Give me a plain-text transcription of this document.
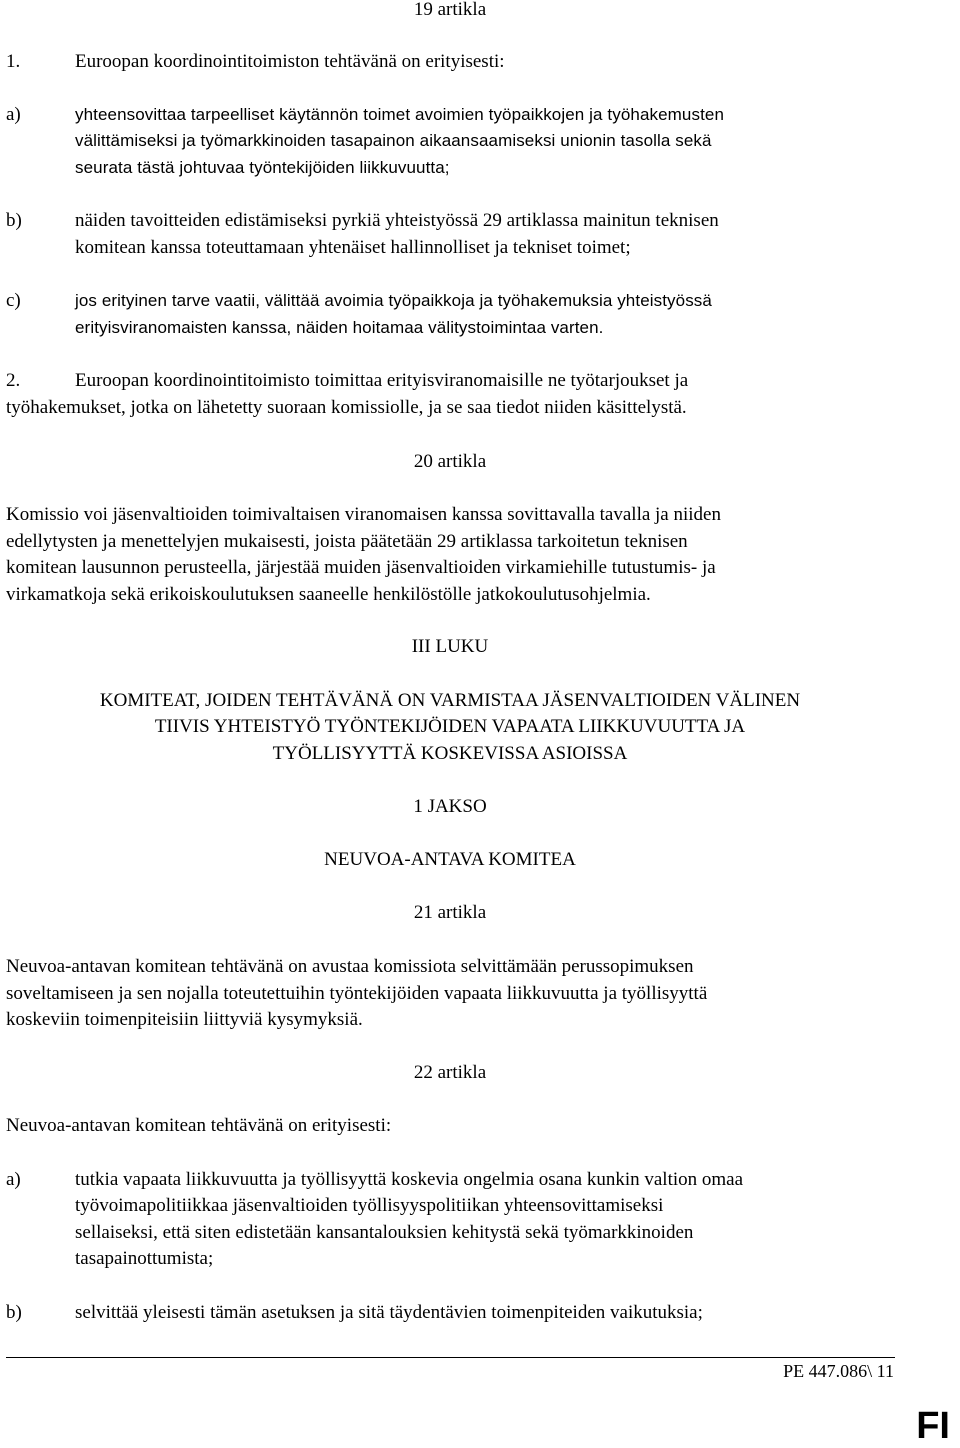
19 artikla
1.	Euroopan koordinointitoimiston tehtävänä on erityisesti:
a)	yhteensovittaa tarpeelliset käytännön toimet avoimien työpaikkojen ja työhakemusten
välittämiseksi ja työmarkkinoiden tasapainon aikaansaamiseksi unionin tasolla sekä
seurata tästä johtuvaa työntekijöiden liikkuvuutta;
b)	näiden tavoitteiden edistämiseksi pyrkiä yhteistyössä 29 artiklassa mainitun teknisen
komitean kanssa toteuttamaan yhtenäiset hallinnolliset ja tekniset toimet;
c)	jos erityinen tarve vaatii, välittää avoimia työpaikkoja ja työhakemuksia yhteistyössä
erityisviranomaisten kanssa, näiden hoitamaa välitystoimintaa varten.
2.	Euroopan koordinointitoimisto toimittaa erityisviranomaisille ne työtarjoukset ja
työhakemukset, jotka on lähetetty suoraan komissiolle, ja se saa tiedot niiden käsittelystä.
20 artikla
Komissio voi jäsenvaltioiden toimivaltaisen viranomaisen kanssa sovittavalla tavalla ja niiden
edellytysten ja menettelyjen mukaisesti, joista päätetään 29 artiklassa tarkoitetun teknisen
komitean lausunnon perusteella, järjestää muiden jäsenvaltioiden virkamiehille tutustumis- ja
virkamatkoja sekä erikoiskoulutuksen saaneelle henkilöstölle jatkokoulutusohjelmia.
III LUKU
KOMITEAT, JOIDEN TEHTÄVÄNÄ ON VARMISTAA JÄSENVALTIOIDEN VÄLINEN
TIIVIS YHTEISTYÖ TYÖNTEKIJÖIDEN VAPAATA LIIKKUVUUTTA JA
TYÖLLISYYTTÄ KOSKEVISSA ASIOISSA
1 JAKSO
NEUVOA-ANTAVA KOMITEA
21 artikla
Neuvoa-antavan komitean tehtävänä on avustaa komissiota selvittämään perussopimuksen
soveltamiseen ja sen nojalla toteutettuihin työntekijöiden vapaata liikkuvuutta ja työllisyyttä
koskeviin toimenpiteisiin liittyviä kysymyksiä.
22 artikla
Neuvoa-antavan komitean tehtävänä on erityisesti:
a)	tutkia vapaata liikkuvuutta ja työllisyyttä koskevia ongelmia osana kunkin valtion omaa
työvoimapolitiikkaa jäsenvaltioiden työllisyyspolitiikan yhteensovittamiseksi
sellaiseksi, että siten edistetään kansantalouksien kehitystä sekä työmarkkinoiden
tasapainottumista;
b)	selvittää yleisesti tämän asetuksen ja sitä täydentävien toimenpiteiden vaikutuksia;
PE 447.086\ 11
FI
